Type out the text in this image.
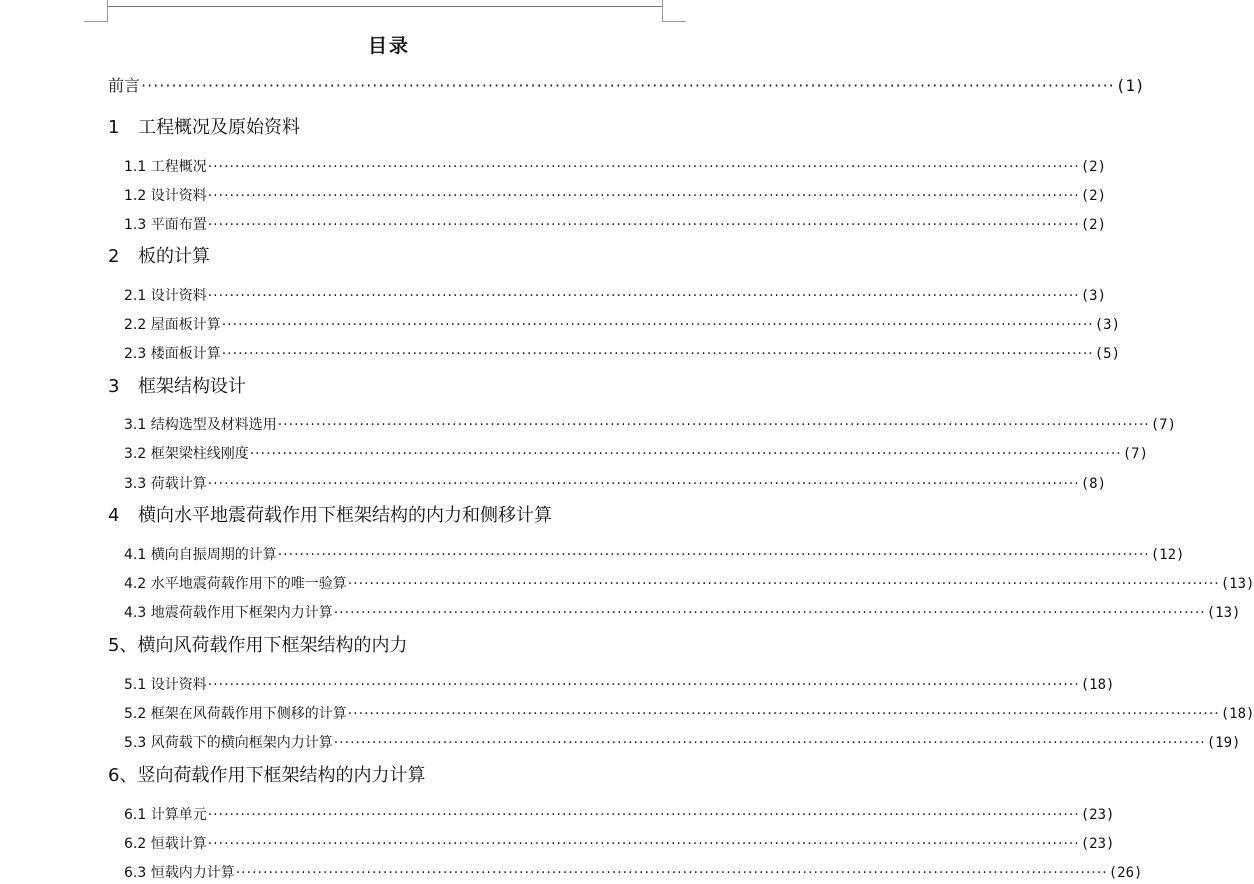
目录
前言 ································································································································································ (1)
1 工程概况及原始资料
1.1 工程概况 ································································································································································ (2)
1.2 设计资料 ································································································································································ (2)
1.3 平面布置 ································································································································································ (2)
2 板的计算
2.1 设计资料 ································································································································································ (3)
2.2 屋面板计算 ································································································································································ (3)
2.3 楼面板计算 ································································································································································ (5)
3 框架结构设计
3.1 结构选型及材料选用 ································································································································································ (7)
3.2 框架梁柱线刚度 ································································································································································ (7)
3.3 荷载计算 ································································································································································ (8)
4 横向水平地震荷载作用下框架结构的内力和侧移计算
4.1 横向自振周期的计算 ································································································································································ (12)
4.2 水平地震荷载作用下的唯一验算 ································································································································································ (13)
4.3 地震荷载作用下框架内力计算 ································································································································································ (13)
5、横向风荷载作用下框架结构的内力
5.1 设计资料 ································································································································································ (18)
5.2 框架在风荷载作用下侧移的计算 ································································································································································ (18)
5.3 风荷载下的横向框架内力计算 ································································································································································ (19)
6、竖向荷载作用下框架结构的内力计算
6.1 计算单元 ································································································································································ (23)
6.2 恒载计算 ································································································································································ (23)
6.3 恒载内力计算 ································································································································································ (26)
